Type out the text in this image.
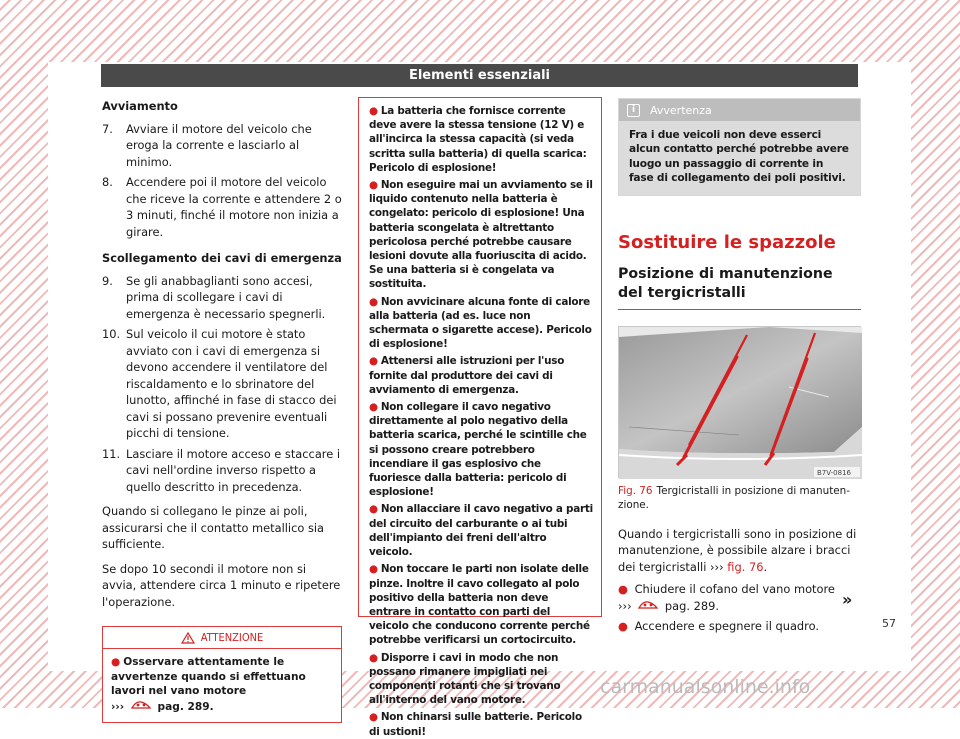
Elementi essenziali

Avviamento

7.	Avviare il motore del veicolo che eroga la corrente e lasciarlo al minimo.
8.	Accendere poi il motore del veicolo che riceve la corrente e attendere 2 o 3 minuti, finché il motore non inizia a girare.

Scollegamento dei cavi di emergenza

9.	Se gli anabbaglianti sono accesi, prima di scollegare i cavi di emergenza è necessario spegnerli.
10. Sul veicolo il cui motore è stato avviato con i cavi di emergenza si devono accendere il ventilatore del riscaldamento e lo sbrinatore del lunotto, affinché in fase di stacco dei cavi si possano prevenire eventuali picchi di tensione.
11. Lasciare il motore acceso e staccare i cavi nell'ordine inverso rispetto a quello descritto in precedenza.

Quando si collegano le pinze ai poli, assicurarsi che il contatto metallico sia sufficiente.

Se dopo 10 secondi il motore non si avvia, attendere circa 1 minuto e ripetere l'operazione.

ATTENZIONE
● Osservare attentamente le avvertenze quando si effettuano lavori nel vano motore
›››	pag. 289.

● La batteria che fornisce corrente deve avere la stessa tensione (12 V) e all'incirca la stessa capacità (si veda scritta sulla batteria) di quella scarica: Pericolo di esplosione!

● Non eseguire mai un avviamento se il liquido contenuto nella batteria è congelato: pericolo di esplosione! Una batteria scongelata è altrettanto pericolosa perché potrebbe causare lesioni dovute alla fuoriuscita di acido. Se una batteria si è congelata va sostituita.

● Non avvicinare alcuna fonte di calore alla batteria (ad es. luce non schermata o sigarette accese). Pericolo di esplosione!

● Attenersi alle istruzioni per l'uso fornite dal produttore dei cavi di avviamento di emergenza.

● Non collegare il cavo negativo direttamente al polo negativo della batteria scarica, perché le scintille che si possono creare potrebbero incendiare il gas esplosivo che fuoriesce dalla batteria: pericolo di esplosione!

● Non allacciare il cavo negativo a parti del circuito del carburante o ai tubi dell'impianto dei freni dell'altro veicolo.

● Non toccare le parti non isolate delle pinze. Inoltre il cavo collegato al polo positivo della batteria non deve entrare in contatto con parti del veicolo che conducono corrente perché potrebbe verificarsi un cortocircuito.

● Disporre i cavi in modo che non possano rimanere impigliati nei componenti rotanti che si trovano all'interno del vano motore.

● Non chinarsi sulle batterie. Pericolo di ustioni!

i	Avvertenza
Fra i due veicoli non deve esserci alcun contatto perché potrebbe avere luogo un passaggio di corrente in fase di collegamento dei poli positivi.
Sostituire le spazzole
Posizione di manutenzione del tergicristalli
B7V-0816

Fig. 76 Tergicristalli in posizione di manutenzione.

Quando i tergicristalli sono in posizione di manutenzione, è possibile alzare i bracci dei tergicristalli ››› fig. 76.

● Chiudere il cofano del vano motore
›››	pag. 289.

● Accendere e spegnere il quadro.

»
57
carmanualsonline.info
